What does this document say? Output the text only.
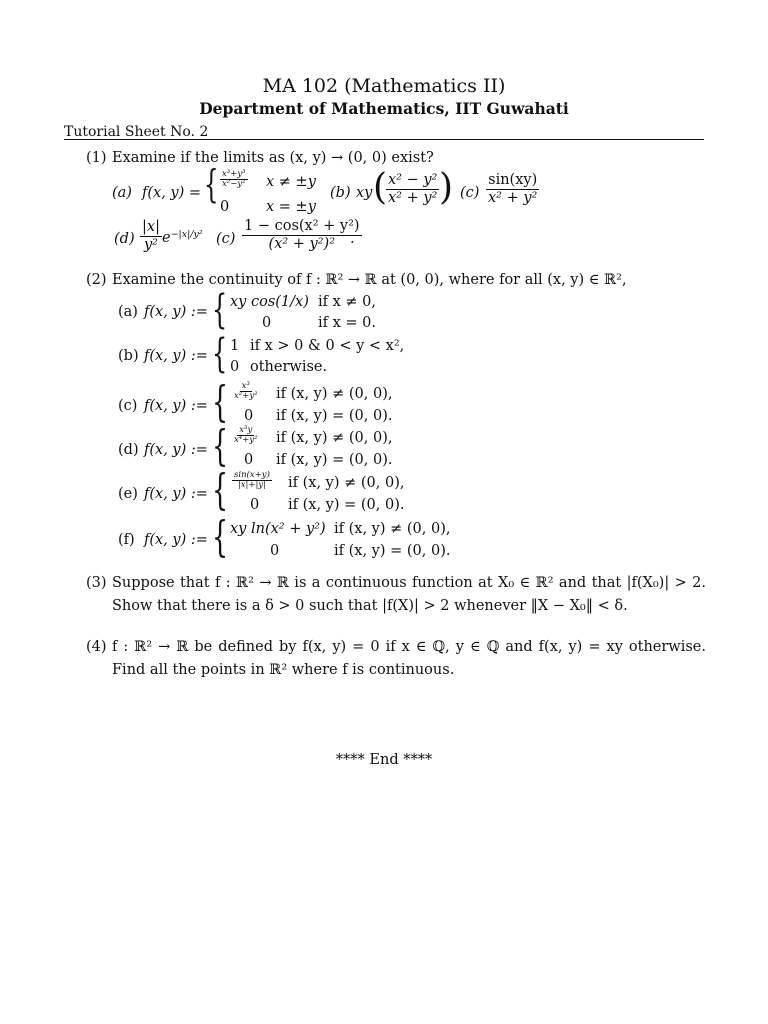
MA 102 (Mathematics II)
Department of Mathematics, IIT Guwahati
Tutorial Sheet No. 2
(1) Examine if the limits as (x, y) → (0, 0) exist?
(a) f(x, y) = { $\frac{\text{x³+y³}}{\text{x²−y²}}$ x ≠ ±y
0	x = ±y
(b) xy (
$\frac{\text{x² − y²}}{\text{x² + y²}}$ ) $(c) \frac{\sin(xy)}{\text{x² + y²}}$
$(d) \frac{|x|}{\text{y²}} e^{-|x|/y^2}$ $(c) \frac{\text{1 − cos(x² + y²)}}{\text{(x² + y²)²}}$
.
(2) Examine the continuity of f : ℝ² → ℝ at (0, 0), where for all (x, y) ∈ ℝ²,
(a) f(x, y) := { xy cos(1/x) if x ≠ 0,
0	if x = 0.
(b) f(x, y) := { 1 if x > 0 & 0 < y < x²,
0 otherwise.
(c) f(x, y) := { $\frac{\text{x³}}{\text{x²+y²}}$ if (x, y) ≠ (0, 0),
0 if (x, y) = (0, 0).
(d) f(x, y) := { $\frac{\text{x³y}}{\text{x⁴+y²}}$ if (x, y) ≠ (0, 0),
0 if (x, y) = (0, 0).
(e) f(x, y) := { $\frac{\sin(x+y)}{|x|+|y|}$ if (x, y) ≠ (0, 0),
0 if (x, y) = (0, 0).
(f) f(x, y) := { xy ln(x² + y²) if (x, y) ≠ (0, 0),
0	if (x, y) = (0, 0).
(3) Suppose that f : ℝ² → ℝ is a continuous function at X₀ ∈ ℝ² and that |f(X₀)| > 2. Show that there is a δ > 0 such that |f(X)| > 2 whenever ‖X − X₀‖ < δ.
(4) f : ℝ² → ℝ be defined by f(x, y) = 0 if x ∈ ℚ, y ∈ ℚ and f(x, y) = xy otherwise. Find all the points in ℝ² where f is continuous.
**** End ****
